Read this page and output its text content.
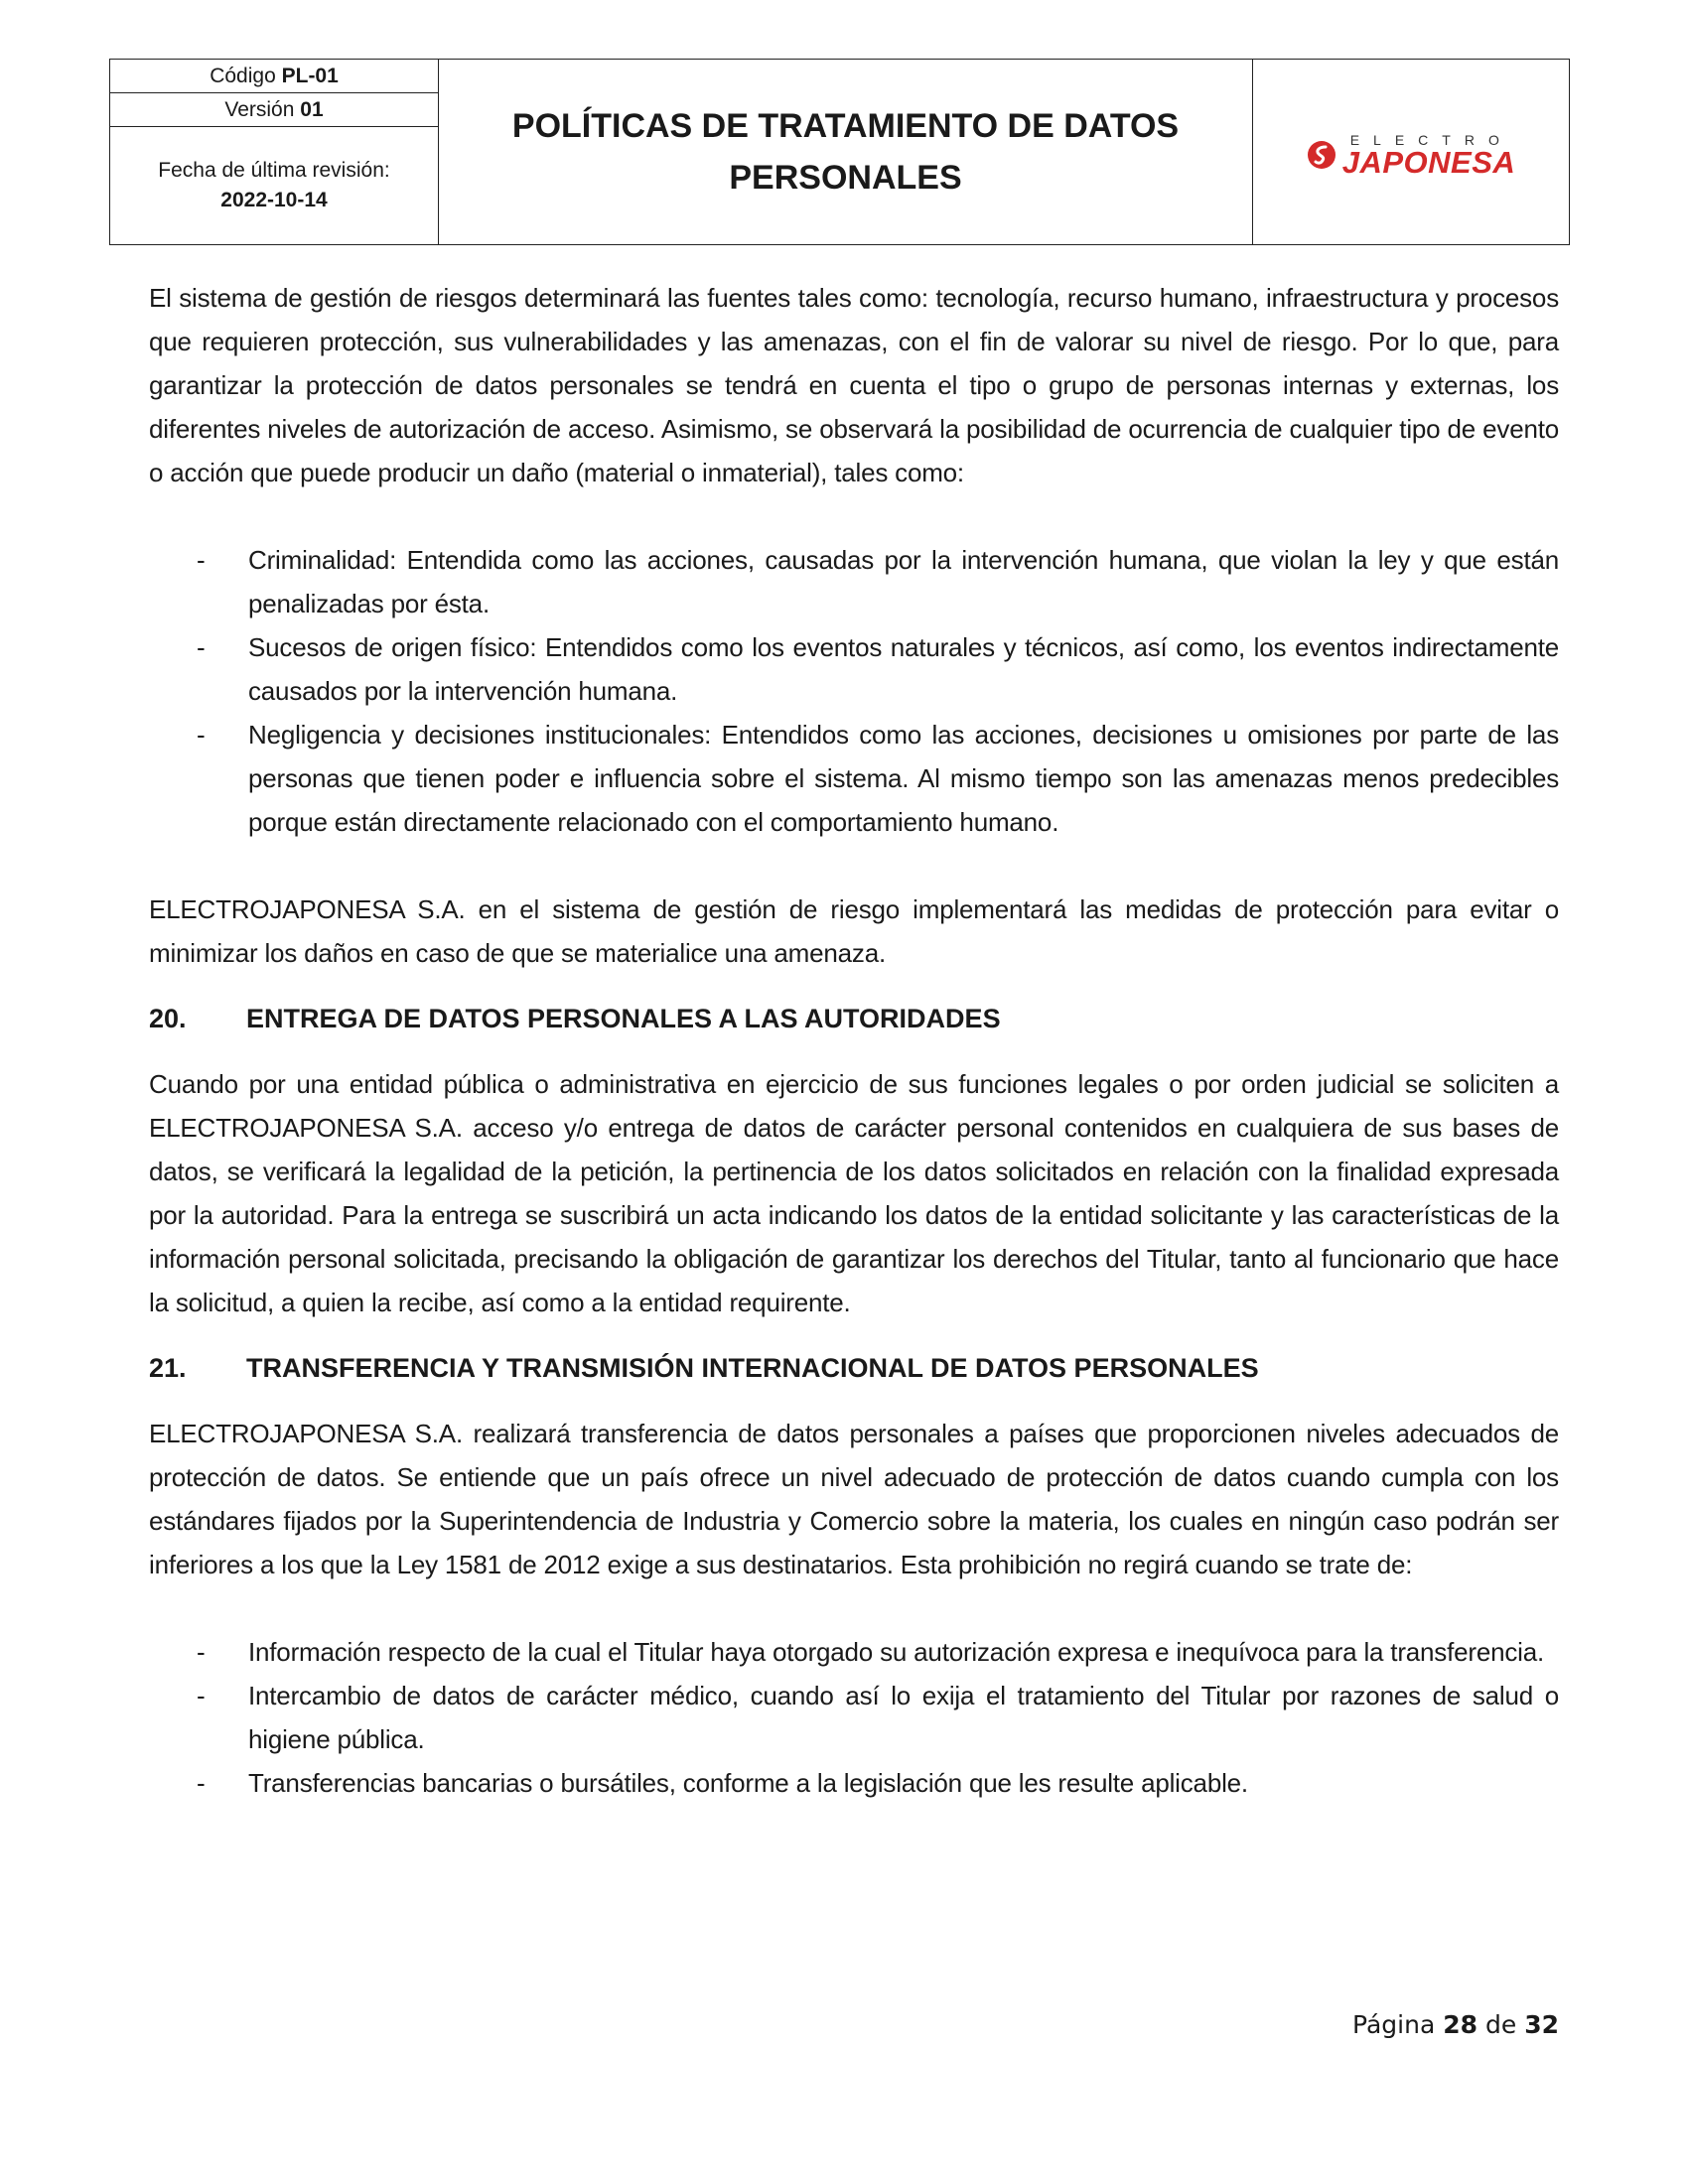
Código PL-01
Versión 01
Fecha de última revisión:
2022-10-14
POLÍTICAS DE TRATAMIENTO DE DATOS
PERSONALES
ELECTRO
JAPONESA

El sistema de gestión de riesgos determinará las fuentes tales como: tecnología, recurso humano, infraestructura y procesos que requieren protección, sus vulnerabilidades y las amenazas, con el fin de valorar su nivel de riesgo. Por lo que, para garantizar la protección de datos personales se tendrá en cuenta el tipo o grupo de personas internas y externas, los diferentes niveles de autorización de acceso. Asimismo, se observará la posibilidad de ocurrencia de cualquier tipo de evento o acción que puede producir un daño (material o inmaterial), tales como:

- Criminalidad: Entendida como las acciones, causadas por la intervención humana, que violan la ley y que están penalizadas por ésta.
- Sucesos de origen físico: Entendidos como los eventos naturales y técnicos, así como, los eventos indirectamente causados por la intervención humana.
- Negligencia y decisiones institucionales: Entendidos como las acciones, decisiones u omisiones por parte de las personas que tienen poder e influencia sobre el sistema. Al mismo tiempo son las amenazas menos predecibles porque están directamente relacionado con el comportamiento humano.

ELECTROJAPONESA S.A. en el sistema de gestión de riesgo implementará las medidas de protección para evitar o minimizar los daños en caso de que se materialice una amenaza.

20.	ENTREGA DE DATOS PERSONALES A LAS AUTORIDADES

Cuando por una entidad pública o administrativa en ejercicio de sus funciones legales o por orden judicial se soliciten a ELECTROJAPONESA S.A. acceso y/o entrega de datos de carácter personal contenidos en cualquiera de sus bases de datos, se verificará la legalidad de la petición, la pertinencia de los datos solicitados en relación con la finalidad expresada por la autoridad. Para la entrega se suscribirá un acta indicando los datos de la entidad solicitante y las características de la información personal solicitada, precisando la obligación de garantizar los derechos del Titular, tanto al funcionario que hace la solicitud, a quien la recibe, así como a la entidad requirente.

21.	TRANSFERENCIA Y TRANSMISIÓN INTERNACIONAL DE DATOS PERSONALES

ELECTROJAPONESA S.A. realizará transferencia de datos personales a países que proporcionen niveles adecuados de protección de datos. Se entiende que un país ofrece un nivel adecuado de protección de datos cuando cumpla con los estándares fijados por la Superintendencia de Industria y Comercio sobre la materia, los cuales en ningún caso podrán ser inferiores a los que la Ley 1581 de 2012 exige a sus destinatarios. Esta prohibición no regirá cuando se trate de:

- Información respecto de la cual el Titular haya otorgado su autorización expresa e inequívoca para la transferencia.
- Intercambio de datos de carácter médico, cuando así lo exija el tratamiento del Titular por razones de salud o higiene pública.
- Transferencias bancarias o bursátiles, conforme a la legislación que les resulte aplicable.
Página 28 de 32
